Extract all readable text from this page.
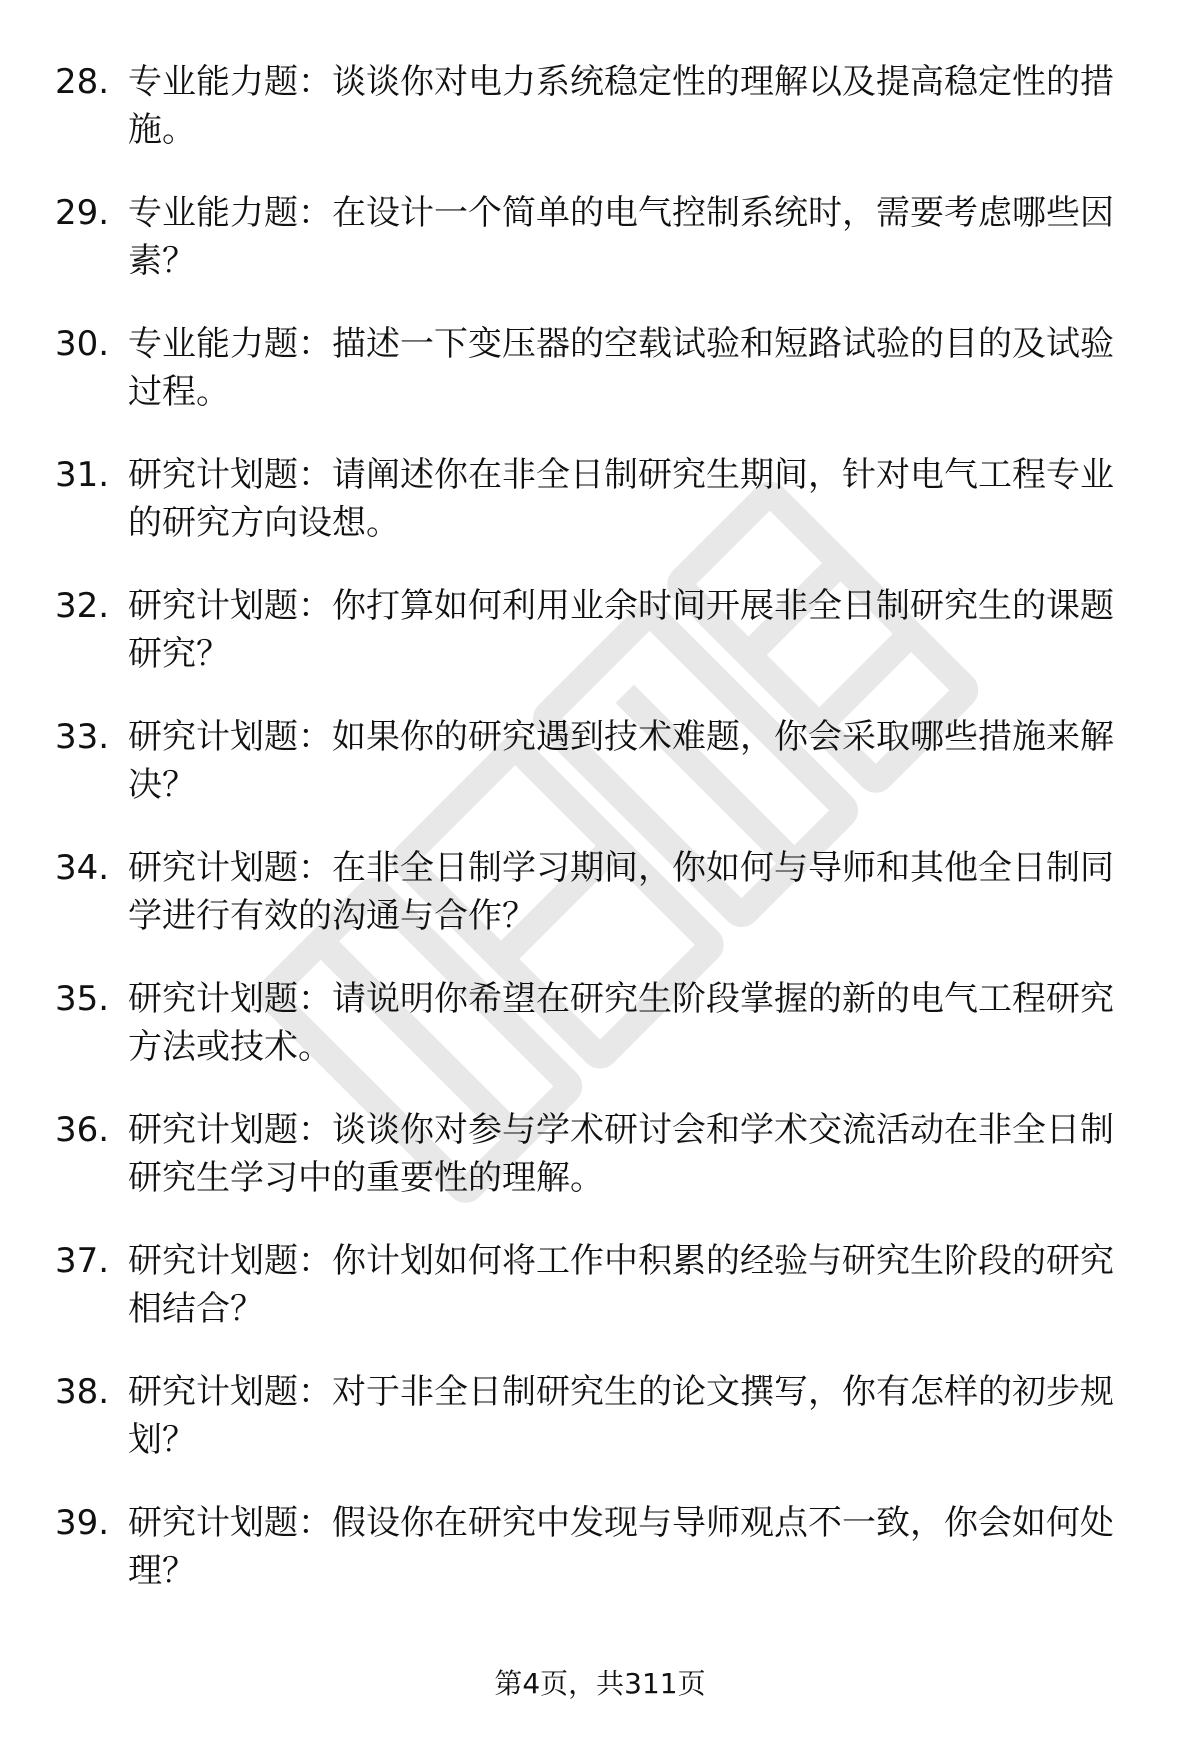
28. 专业能力题：谈谈你对电力系统稳定性的理解以及提高稳定性的措施。
29. 专业能力题：在设计一个简单的电气控制系统时，需要考虑哪些因素？
30. 专业能力题：描述一下变压器的空载试验和短路试验的目的及试验过程。
31. 研究计划题：请阐述你在非全日制研究生期间，针对电气工程专业的研究方向设想。
32. 研究计划题：你打算如何利用业余时间开展非全日制研究生的课题研究？
33. 研究计划题：如果你的研究遇到技术难题，你会采取哪些措施来解决？
34. 研究计划题：在非全日制学习期间，你如何与导师和其他全日制同学进行有效的沟通与合作？
35. 研究计划题：请说明你希望在研究生阶段掌握的新的电气工程研究方法或技术。
36. 研究计划题：谈谈你对参与学术研讨会和学术交流活动在非全日制研究生学习中的重要性的理解。
37. 研究计划题：你计划如何将工作中积累的经验与研究生阶段的研究相结合？
38. 研究计划题：对于非全日制研究生的论文撰写，你有怎样的初步规划？
39. 研究计划题：假设你在研究中发现与导师观点不一致，你会如何处理？
第4页，共311页
